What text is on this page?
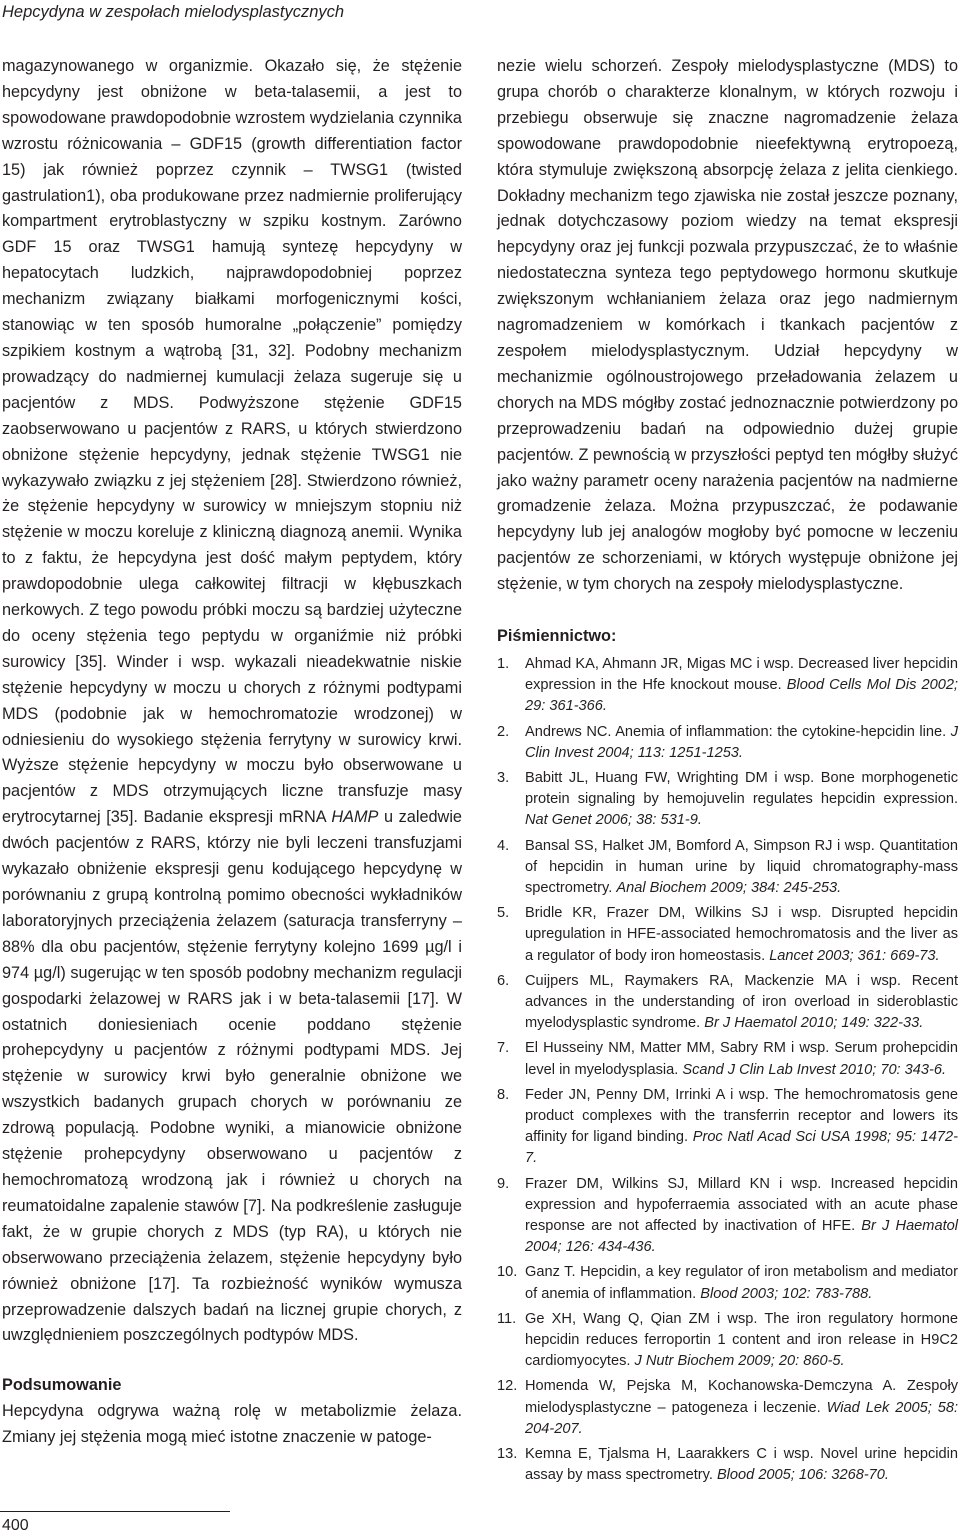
Hepcydyna w zespołach mielodysplastycznych

magazynowanego w organizmie. Okazało się, że stężenie hepcydyny jest obniżone w beta-talasemii, a jest to spowodowane prawdopodobnie wzrostem wydzielania czynnika wzrostu różnicowania – GDF15 (growth differentiation factor 15) jak również poprzez czynnik – TWSG1 (twisted gastrulation1), oba produkowane przez nadmiernie proliferujący kompartment erytroblastyczny w szpiku kostnym. Zarówno GDF 15 oraz TWSG1 hamują syntezę hepcydyny w hepatocytach ludzkich, najprawdopodobniej poprzez mechanizm związany białkami morfogenicznymi kości, stanowiąc w ten sposób humoralne „połączenie” pomiędzy szpikiem kostnym a wątrobą [31, 32]. Podobny mechanizm prowadzący do nadmiernej kumulacji żelaza sugeruje się u pacjentów z MDS. Podwyższone stężenie GDF15 zaobserwowano u pacjentów z RARS, u których stwierdzono obniżone stężenie hepcydyny, jednak stężenie TWSG1 nie wykazywało związku z jej stężeniem [28]. Stwierdzono również, że stężenie hepcydyny w surowicy w mniejszym stopniu niż stężenie w moczu koreluje z kliniczną diagnozą anemii. Wynika to z faktu, że hepcydyna jest dość małym peptydem, który prawdopodobnie ulega całkowitej filtracji w kłębuszkach nerkowych. Z tego powodu próbki moczu są bardziej użyteczne do oceny stężenia tego peptydu w organiźmie niż próbki surowicy [35]. Winder i wsp. wykazali nieadekwatnie niskie stężenie hepcydyny w moczu u chorych z różnymi podtypami MDS (podobnie jak w hemochromatozie wrodzonej) w odniesieniu do wysokiego stężenia ferrytyny w surowicy krwi. Wyższe stężenie hepcydyny w moczu było obserwowane u pacjentów z MDS otrzymujących liczne transfuzje masy erytrocytarnej [35]. Badanie ekspresji mRNA HAMP u zaledwie dwóch pacjentów z RARS, którzy nie byli leczeni transfuzjami wykazało obniżenie ekspresji genu kodującego hepcydynę w porównaniu z grupą kontrolną pomimo obecności wykładników laboratoryjnych przeciążenia żelazem (saturacja transferryny – 88% dla obu pacjentów, stężenie ferrytyny kolejno 1699 µg/l i 974 µg/l) sugerując w ten sposób podobny mechanizm regulacji gospodarki żelazowej w RARS jak i w beta-talasemii [17]. W ostatnich doniesieniach ocenie poddano stężenie prohepcydyny u pacjentów z różnymi podtypami MDS. Jej stężenie w surowicy krwi było generalnie obniżone we wszystkich badanych grupach chorych w porównaniu ze zdrową populacją. Podobne wyniki, a mianowicie obniżone stężenie prohepcydyny obserwowano u pacjentów z hemochromatozą wrodzoną jak i również u chorych na reumatoidalne zapalenie stawów [7]. Na podkreślenie zasługuje fakt, że w grupie chorych z MDS (typ RA), u których nie obserwowano przeciążenia żelazem, stężenie hepcydyny było również obniżone [17]. Ta rozbieżność wyników wymusza przeprowadzenie dalszych badań na licznej grupie chorych, z uwzględnieniem poszczególnych podtypów MDS.

Podsumowanie

Hepcydyna odgrywa ważną rolę w metabolizmie żelaza. Zmiany jej stężenia mogą mieć istotne znaczenie w patoge-

nezie wielu schorzeń. Zespoły mielodysplastyczne (MDS) to grupa chorób o charakterze klonalnym, w których rozwoju i przebiegu obserwuje się znaczne nagromadzenie żelaza spowodowane prawdopodobnie nieefektywną erytropoezą, która stymuluje zwiększoną absorpcję żelaza z jelita cienkiego. Dokładny mechanizm tego zjawiska nie został jeszcze poznany, jednak dotychczasowy poziom wiedzy na temat ekspresji hepcydyny oraz jej funkcji pozwala przypuszczać, że to właśnie niedostateczna synteza tego peptydowego hormonu skutkuje zwiększonym wchłanianiem żelaza oraz jego nadmiernym nagromadzeniem w komórkach i tkankach pacjentów z zespołem mielodysplastycznym. Udział hepcydyny w mechanizmie ogólnoustrojowego przeładowania żelazem u chorych na MDS mógłby zostać jednoznacznie potwierdzony po przeprowadzeniu badań na odpowiednio dużej grupie pacjentów. Z pewnością w przyszłości peptyd ten mógłby służyć jako ważny parametr oceny narażenia pacjentów na nadmierne gromadzenie żelaza. Można przypuszczać, że podawanie hepcydyny lub jej analogów mogłoby być pomocne w leczeniu pacjentów ze schorzeniami, w których występuje obniżone jej stężenie, w tym chorych na zespoły mielodysplastyczne.

Piśmiennictwo:
1. Ahmad KA, Ahmann JR, Migas MC i wsp. Decreased liver hepcidin expression in the Hfe knockout mouse. Blood Cells Mol Dis 2002; 29: 361-366.
2. Andrews NC. Anemia of inflammation: the cytokine-hepcidin line. J Clin Invest 2004; 113: 1251-1253.
3. Babitt JL, Huang FW, Wrighting DM i wsp. Bone morphogenetic protein signaling by hemojuvelin regulates hepcidin expression. Nat Genet 2006; 38: 531-9.
4. Bansal SS, Halket JM, Bomford A, Simpson RJ i wsp. Quantitation of hepcidin in human urine by liquid chromatography-mass spectrometry. Anal Biochem 2009; 384: 245-253.
5. Bridle KR, Frazer DM, Wilkins SJ i wsp. Disrupted hepcidin upregulation in HFE-associated hemochromatosis and the liver as a regulator of body iron homeostasis. Lancet 2003; 361: 669-73.
6. Cuijpers ML, Raymakers RA, Mackenzie MA i wsp. Recent advances in the understanding of iron overload in sideroblastic myelodysplastic syndrome. Br J Haematol 2010; 149: 322-33.
7. El Husseiny NM, Matter MM, Sabry RM i wsp. Serum prohepcidin level in myelodysplasia. Scand J Clin Lab Invest 2010; 70: 343-6.
8. Feder JN, Penny DM, Irrinki A i wsp. The hemochromatosis gene product complexes with the transferrin receptor and lowers its affinity for ligand binding. Proc Natl Acad Sci USA 1998; 95: 1472-7.
9. Frazer DM, Wilkins SJ, Millard KN i wsp. Increased hepcidin expression and hypoferraemia associated with an acute phase response are not affected by inactivation of HFE. Br J Haematol 2004; 126: 434-436.
10. Ganz T. Hepcidin, a key regulator of iron metabolism and mediator of anemia of inflammation. Blood 2003; 102: 783-788.
11. Ge XH, Wang Q, Qian ZM i wsp. The iron regulatory hormone hepcidin reduces ferroportin 1 content and iron release in H9C2 cardiomyocytes. J Nutr Biochem 2009; 20: 860-5.
12. Homenda W, Pejska M, Kochanowska-Demczyna A. Zespoły mielodysplastyczne – patogeneza i leczenie. Wiad Lek 2005; 58: 204-207.
13. Kemna E, Tjalsma H, Laarakkers C i wsp. Novel urine hepcidin assay by mass spectrometry. Blood 2005; 106: 3268-70.
400
